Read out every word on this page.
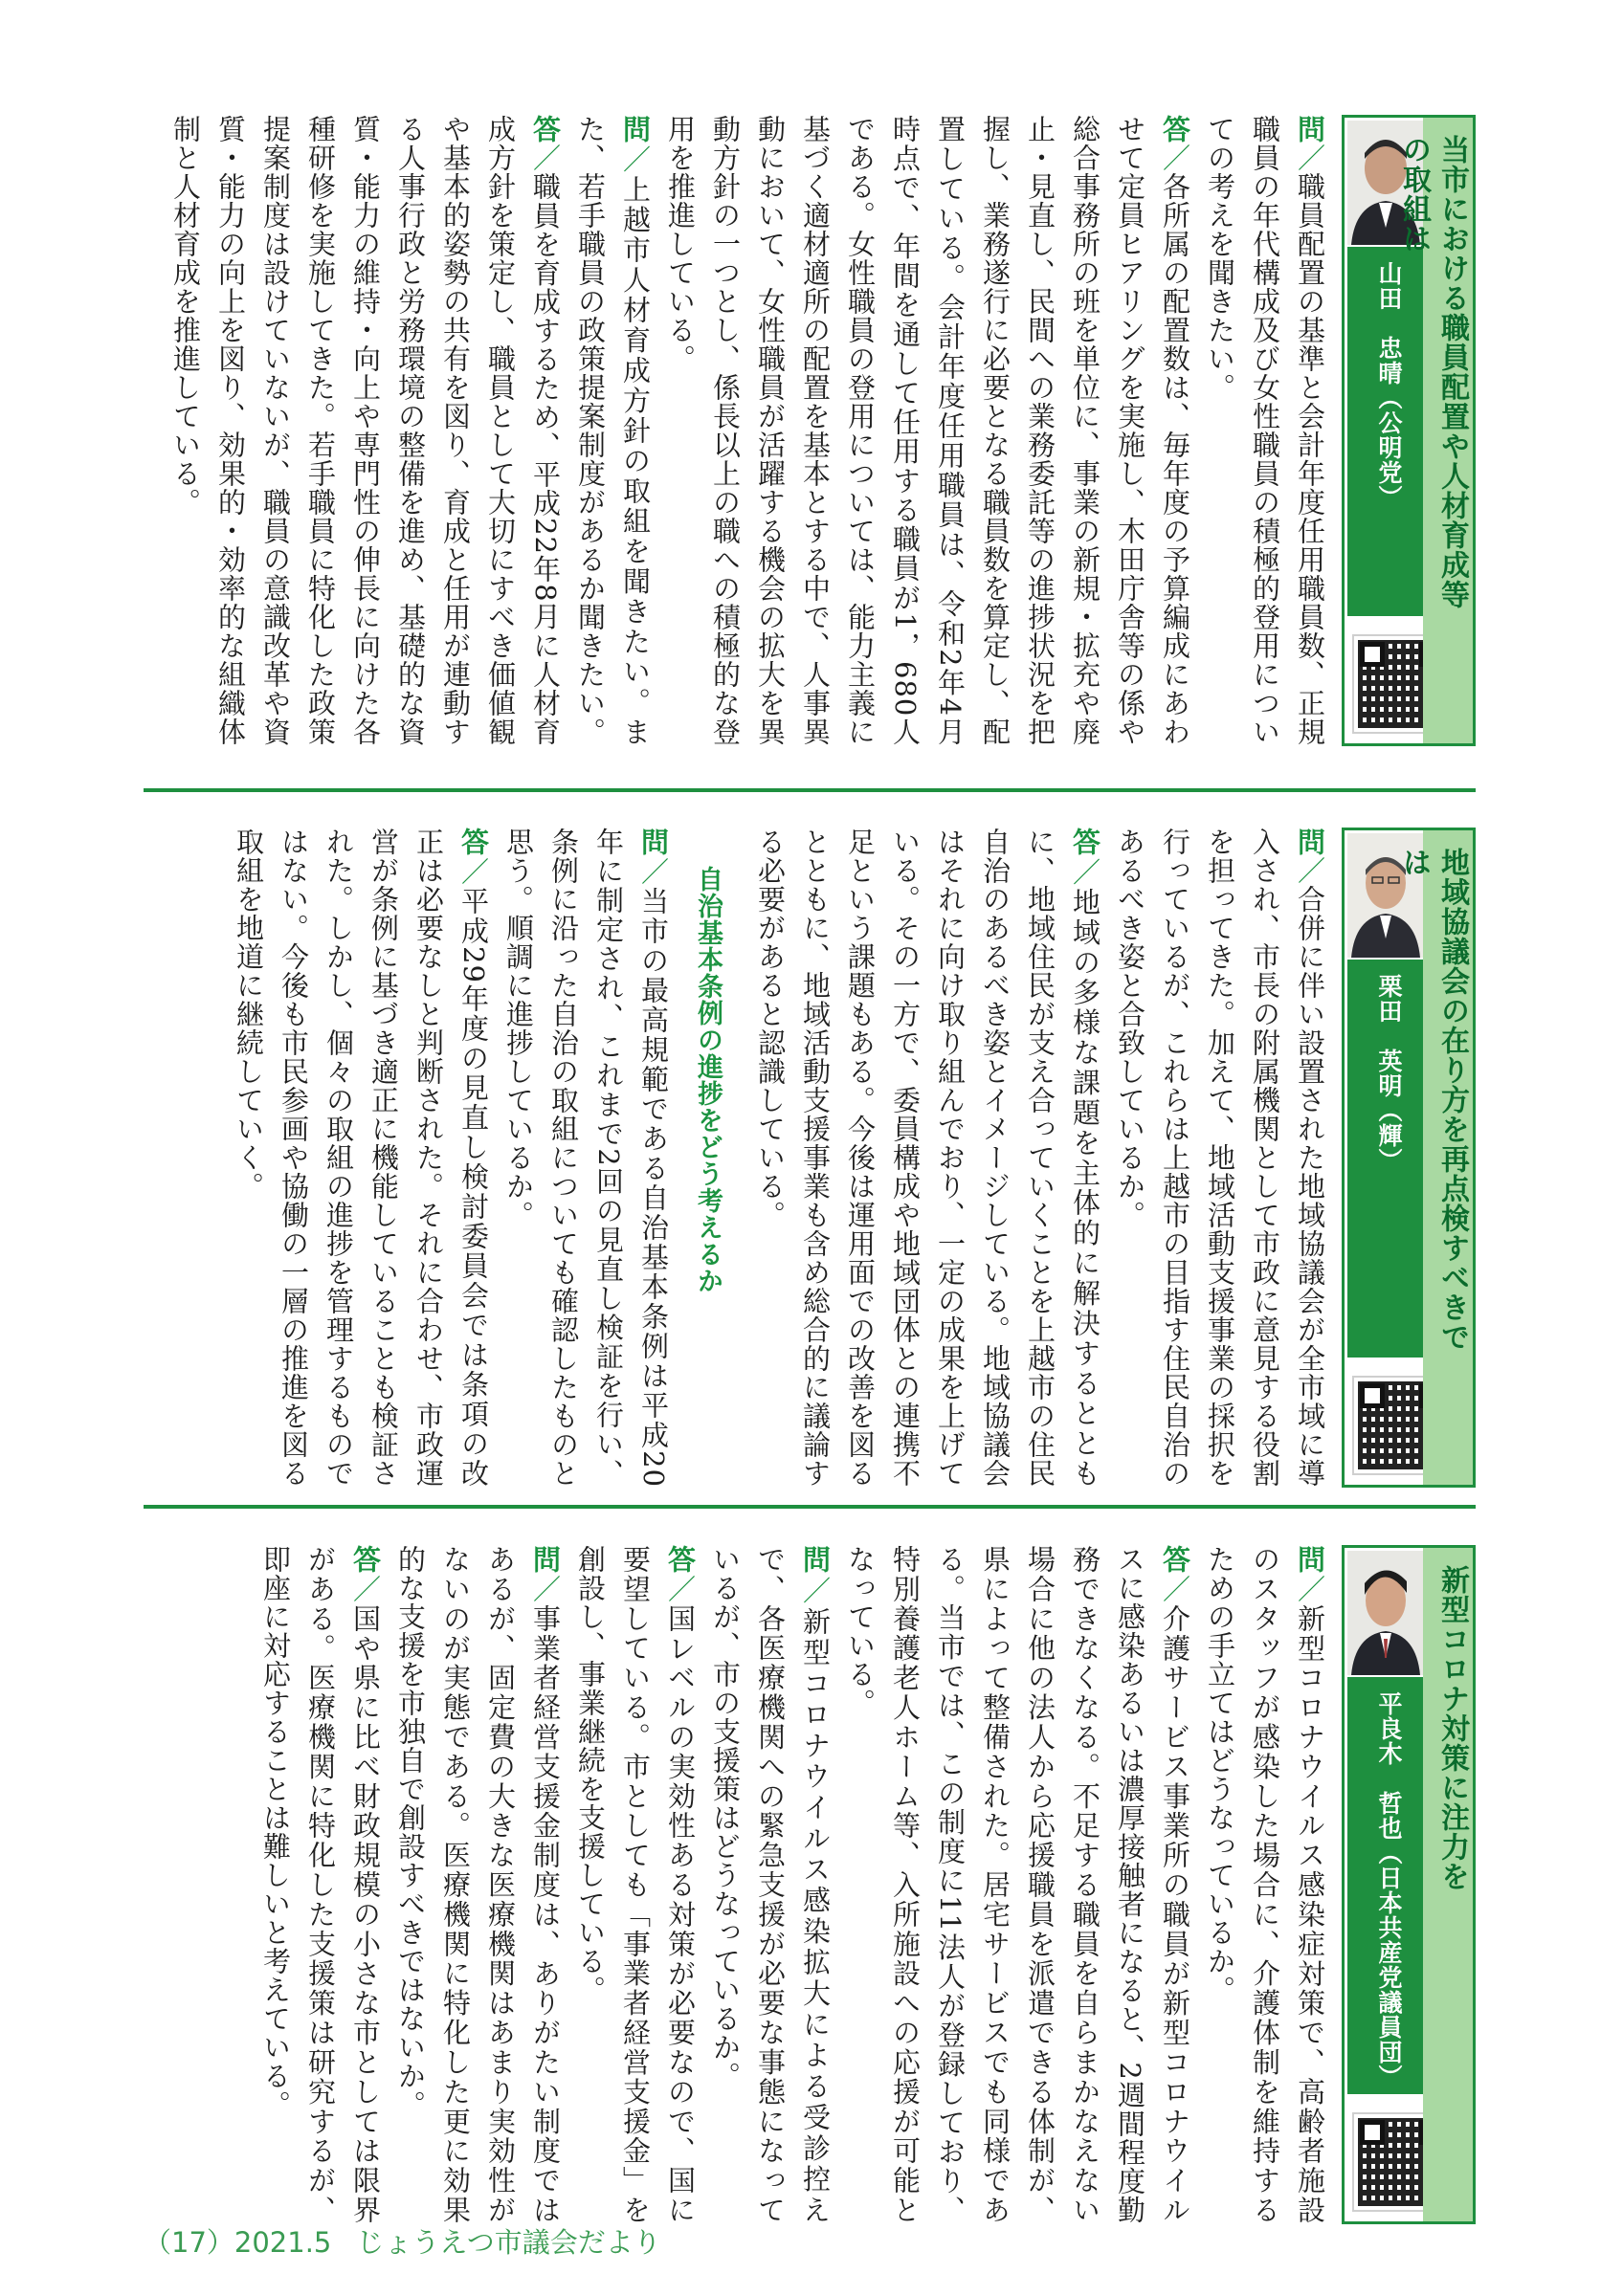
山田　忠晴（公明党）	当市における職員配置や人材育成等の取組は

問／職員配置の基準と会計年度任用職員数、正規職員の年代構成及び女性職員の積極的登用についての考えを聞きたい。

答／各所属の配置数は、毎年度の予算編成にあわせて定員ヒアリングを実施し、木田庁舎等の係や総合事務所の班を単位に、事業の新規・拡充や廃止・見直し、民間への業務委託等の進捗状況を把握し、業務遂行に必要となる職員数を算定し、配置している。会計年度任用職員は、令和2年4月時点で、年間を通して任用する職員が1，680人である。女性職員の登用については、能力主義に基づく適材適所の配置を基本とする中で、人事異動において、女性職員が活躍する機会の拡大を異動方針の一つとし、係長以上の職への積極的な登用を推進している。

問／上越市人材育成方針の取組を聞きたい。また、若手職員の政策提案制度があるか聞きたい。

答／職員を育成するため、平成22年8月に人材育成方針を策定し、職員として大切にすべき価値観や基本的姿勢の共有を図り、育成と任用が連動する人事行政と労務環境の整備を進め、基礎的な資質・能力の維持・向上や専門性の伸長に向けた各種研修を実施してきた。若手職員に特化した政策提案制度は設けていないが、職員の意識改革や資質・能力の向上を図り、効果的・効率的な組織体制と人材育成を推進している。

栗田　英明（輝）	地域協議会の在り方を再点検すべきでは

問／合併に伴い設置された地域協議会が全市域に導入され、市長の附属機関として市政に意見する役割を担ってきた。加えて、地域活動支援事業の採択を行っているが、これらは上越市の目指す住民自治のあるべき姿と合致しているか。

答／地域の多様な課題を主体的に解決するとともに、地域住民が支え合っていくことを上越市の住民自治のあるべき姿とイメージしている。地域協議会はそれに向け取り組んでおり、一定の成果を上げている。その一方で、委員構成や地域団体との連携不足という課題もある。今後は運用面での改善を図るとともに、地域活動支援事業も含め総合的に議論する必要があると認識している。

自治基本条例の進捗をどう考えるか

問／当市の最高規範である自治基本条例は平成20年に制定され、これまで2回の見直し検証を行い、条例に沿った自治の取組についても確認したものと思う。順調に進捗しているか。

答／平成29年度の見直し検討委員会では条項の改正は必要なしと判断された。それに合わせ、市政運営が条例に基づき適正に機能していることも検証された。しかし、個々の取組の進捗を管理するものではない。今後も市民参画や協働の一層の推進を図る取組を地道に継続していく。

平良木　哲也（日本共産党議員団）	新型コロナ対策に注力を

問／新型コロナウイルス感染症対策で、高齢者施設のスタッフが感染した場合に、介護体制を維持するための手立てはどうなっているか。

答／介護サービス事業所の職員が新型コロナウイルスに感染あるいは濃厚接触者になると、2週間程度勤務できなくなる。不足する職員を自らまかなえない場合に他の法人から応援職員を派遣できる体制が、県によって整備された。居宅サービスでも同様である。当市では、この制度に11法人が登録しており、特別養護老人ホーム等、入所施設への応援が可能となっている。

問／新型コロナウイルス感染拡大による受診控えで、各医療機関への緊急支援が必要な事態になっているが、市の支援策はどうなっているか。

答／国レベルの実効性ある対策が必要なので、国に要望している。市としても「事業者経営支援金」を創設し、事業継続を支援している。

問／事業者経営支援金制度は、ありがたい制度ではあるが、固定費の大きな医療機関はあまり実効性がないのが実態である。医療機関に特化した更に効果的な支援を市独自で創設すべきではないか。

答／国や県に比べ財政規模の小さな市としては限界がある。医療機関に特化した支援策は研究するが、即座に対応することは難しいと考えている。

（17）2021.5 じょうえつ市議会だより
